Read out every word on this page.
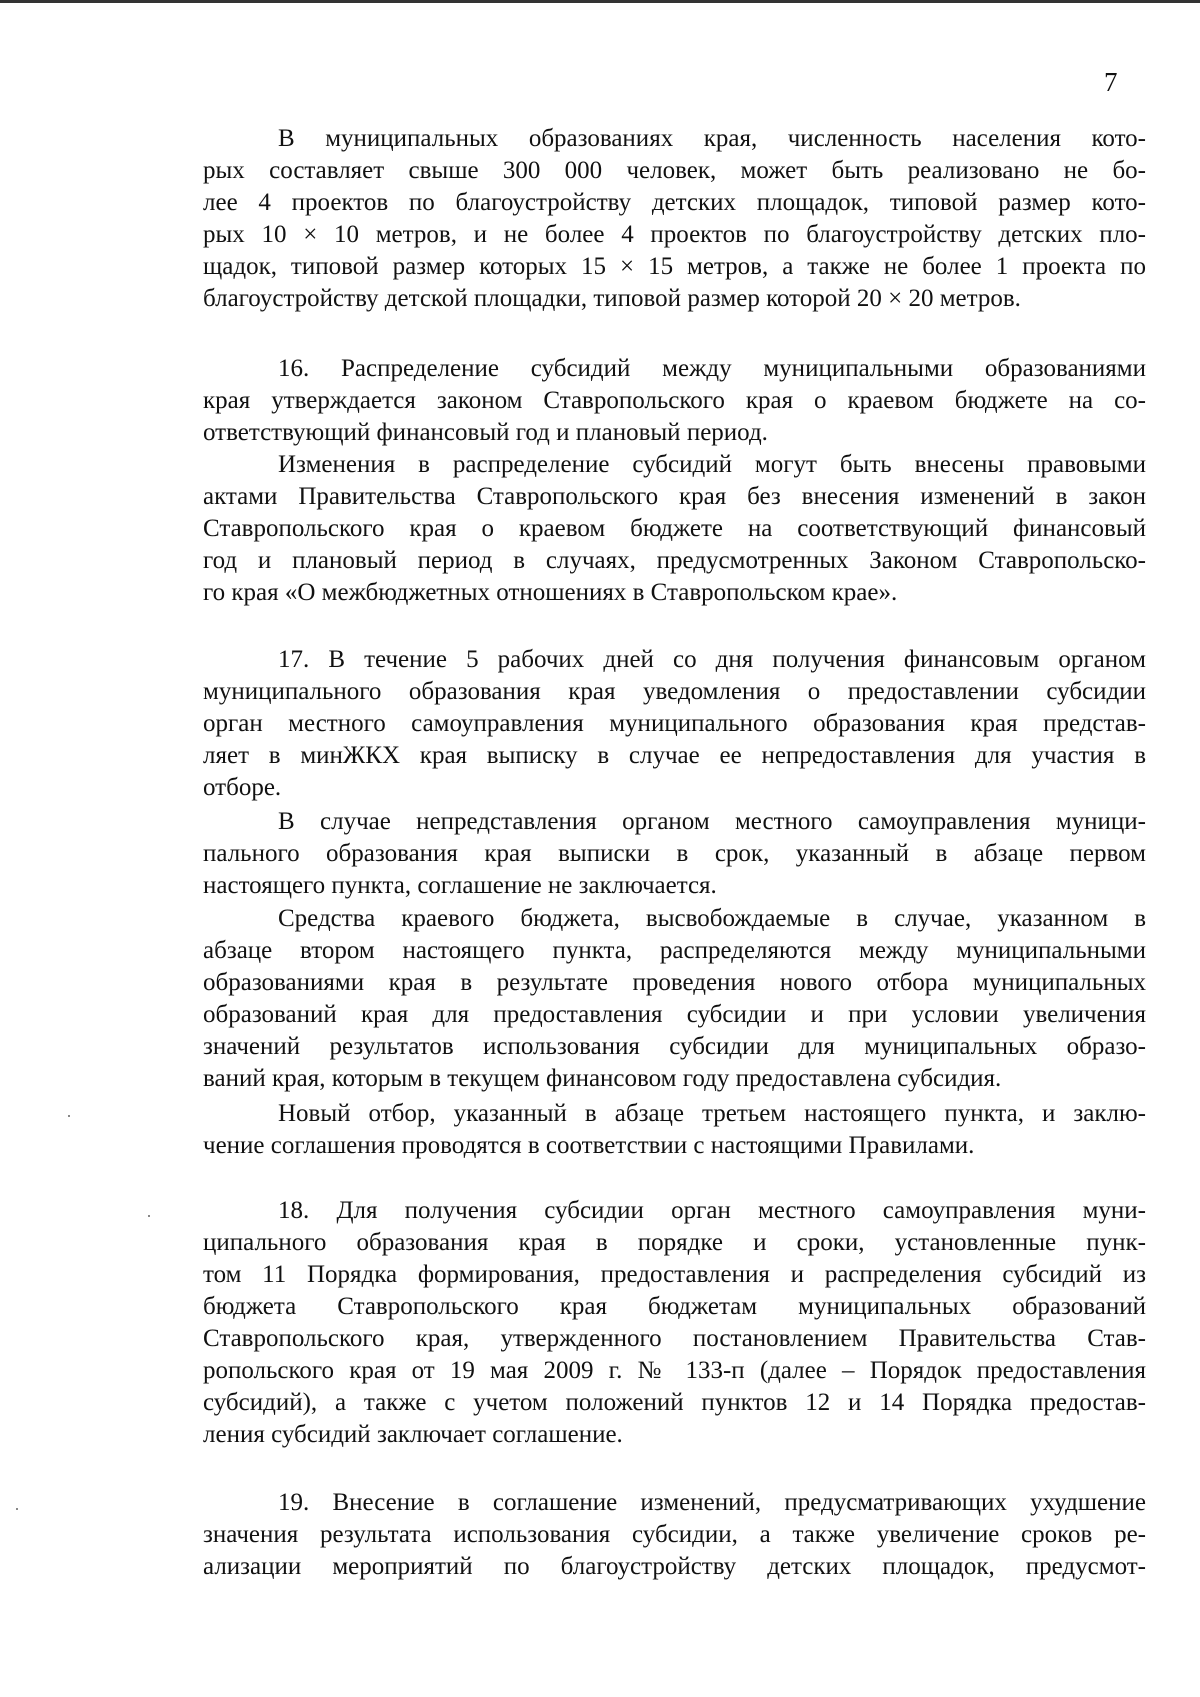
7
В муниципальных образованиях края, численность населения кото-
рых составляет свыше 300 000 человек, может быть реализовано не бо-
лее 4 проектов по благоустройству детских площадок, типовой размер кото-
рых 10 × 10 метров, и не более 4 проектов по благоустройству детских пло-
щадок, типовой размер которых 15 × 15 метров, а также не более 1 проекта по
благоустройству детской площадки, типовой размер которой 20 × 20 метров.
16. Распределение субсидий между муниципальными образованиями
края утверждается законом Ставропольского края о краевом бюджете на со-
ответствующий финансовый год и плановый период.
Изменения в распределение субсидий могут быть внесены правовыми
актами Правительства Ставропольского края без внесения изменений в закон
Ставропольского края о краевом бюджете на соответствующий финансовый
год и плановый период в случаях, предусмотренных Законом Ставропольско-
го края «О межбюджетных отношениях в Ставропольском крае».
17. В течение 5 рабочих дней со дня получения финансовым органом
муниципального образования края уведомления о предоставлении субсидии
орган местного самоуправления муниципального образования края представ-
ляет в минЖКХ края выписку в случае ее непредоставления для участия в
отборе.
В случае непредставления органом местного самоуправления муници-
пального образования края выписки в срок, указанный в абзаце первом
настоящего пункта, соглашение не заключается.
Средства краевого бюджета, высвобождаемые в случае, указанном в
абзаце втором настоящего пункта, распределяются между муниципальными
образованиями края в результате проведения нового отбора муниципальных
образований края для предоставления субсидии и при условии увеличения
значений результатов использования субсидии для муниципальных образо-
ваний края, которым в текущем финансовом году предоставлена субсидия.
Новый отбор, указанный в абзаце третьем настоящего пункта, и заклю-
чение соглашения проводятся в соответствии с настоящими Правилами.
18. Для получения субсидии орган местного самоуправления муни-
ципального образования края в порядке и сроки, установленные пунк-
том 11 Порядка формирования, предоставления и распределения субсидий из
бюджета Ставропольского края бюджетам муниципальных образований
Ставропольского края, утвержденного постановлением Правительства Став-
ропольского края от 19 мая 2009 г. № 133-п (далее – Порядок предоставления
субсидий), а также с учетом положений пунктов 12 и 14 Порядка предостав-
ления субсидий заключает соглашение.
19. Внесение в соглашение изменений, предусматривающих ухудшение
значения результата использования субсидии, а также увеличение сроков ре-
ализации мероприятий по благоустройству детских площадок, предусмот-
